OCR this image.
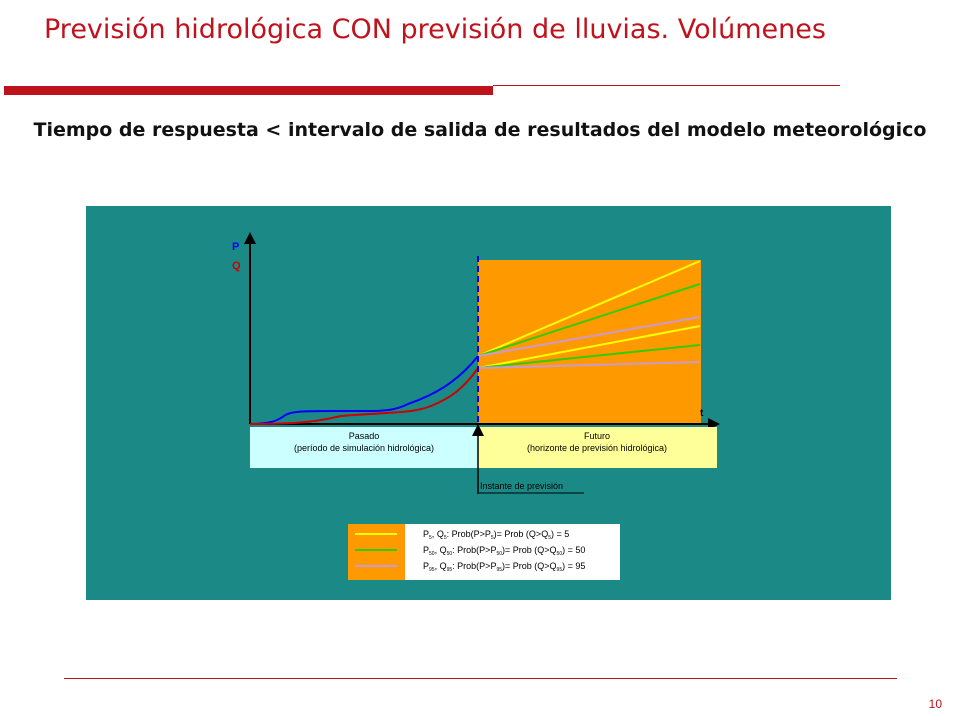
Previsión hidrológica CON previsión de lluvias. Volúmenes
Tiempo de respuesta < intervalo de salida de resultados del modelo meteorológico
P
Q
t
Pasado
(período de simulación hidrológica)
Futuro
(horizonte de previsión hidrológica)
Instante de previsión
$P_5$, $Q_5$: $Prob(P>P_5)=$ Prob $(Q>Q_5) = 5$
$P_{50}$, $Q_{50}$: $Prob(P>P_{50})=$ Prob $(Q>Q_{50}) = 50$
$P_{95}$, $Q_{95}$: $Prob(P>P_{95})=$ Prob $(Q>Q_{95}) = 95$
10
